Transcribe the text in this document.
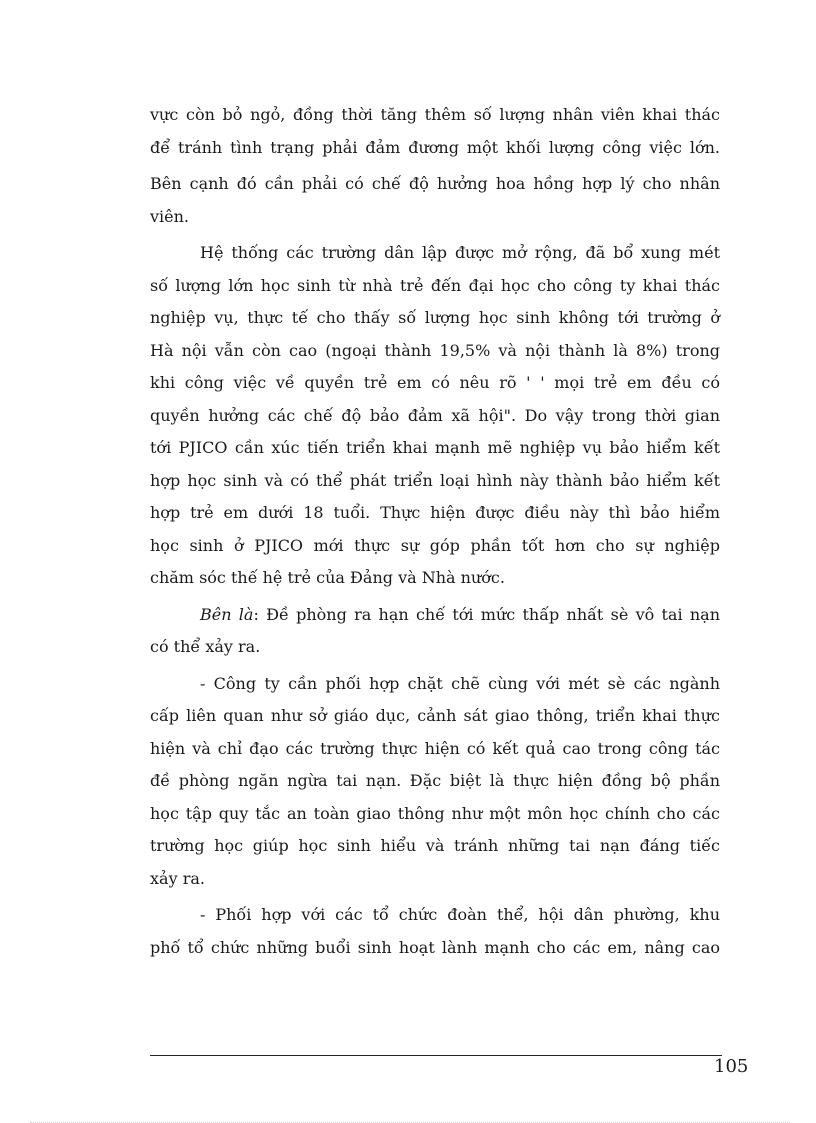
vực còn bỏ ngỏ, đồng thời tăng thêm số lượng nhân viên khai thác
để tránh tình trạng phải đảm đương một khối lượng công việc lớn.
Bên cạnh đó cần phải có chế độ hưởng hoa hồng hợp lý cho nhân
viên.
Hệ thống các trường dân lập được mở rộng, đã bổ xung mét
số lượng lớn học sinh từ nhà trẻ đến đại học cho công ty khai thác
nghiệp vụ, thực tế cho thấy số lượng học sinh không tới trường ở
Hà nội vẫn còn cao (ngoại thành 19,5% và nội thành là 8%) trong
khi công việc về quyền trẻ em có nêu rõ ' ' mọi trẻ em đều có
quyền hưởng các chế độ bảo đảm xã hội". Do vậy trong thời gian
tới PJICO cần xúc tiến triển khai mạnh mẽ nghiệp vụ bảo hiểm kết
hợp học sinh và có thể phát triển loại hình này thành bảo hiểm kết
hợp trẻ em dưới 18 tuổi. Thực hiện được điều này thì bảo hiểm
học sinh ở PJICO mới thực sự góp phần tốt hơn cho sự nghiệp
chăm sóc thế hệ trẻ của Đảng và Nhà nước.
Bên là: Đề phòng ra hạn chế tới mức thấp nhất sè vô tai nạn
có thể xảy ra.
- Công ty cần phối hợp chặt chẽ cùng với mét sè các ngành
cấp liên quan như sở giáo dục, cảnh sát giao thông, triển khai thực
hiện và chỉ đạo các trường thực hiện có kết quả cao trong công tác
đề phòng ngăn ngừa tai nạn. Đặc biệt là thực hiện đồng bộ phần
học tập quy tắc an toàn giao thông như một môn học chính cho các
trường học giúp học sinh hiểu và tránh những tai nạn đáng tiếc
xảy ra.
- Phối hợp với các tổ chức đoàn thể, hội dân phường, khu
phố tổ chức những buổi sinh hoạt lành mạnh cho các em, nâng cao
105
